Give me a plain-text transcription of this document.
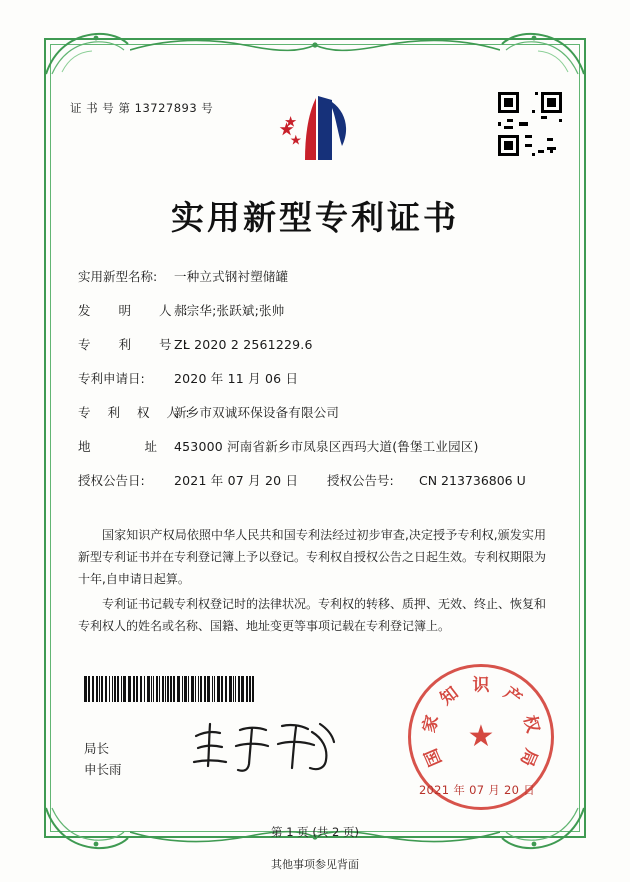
证 书 号 第 13727893 号
实用新型专利证书
实用新型名称:	一种立式钢衬塑储罐
发 明 人:
郝宗华;张跃斌;张帅
专 利 号:
ZL 2020 2 2561229.6
专利申请日:	2020 年 11 月 06 日
专 利 权 人:
新乡市双诚环保设备有限公司
地 址:
453000 河南省新乡市凤泉区西玛大道(鲁堡工业园区)
授权公告日:	2021 年 07 月 20 日	授权公告号:	CN 213736806 U

国家知识产权局依照中华人民共和国专利法经过初步审查,决定授予专利权,颁发实用新型专利证书并在专利登记簿上予以登记。专利权自授权公告之日起生效。专利权期限为十年,自申请日起算。

专利证书记载专利权登记时的法律状况。专利权的转移、质押、无效、终止、恢复和专利权人的姓名或名称、国籍、地址变更等事项记载在专利登记簿上。

★
国
家
知 识 产
权
局
2021 年 07 月 20 日
局长
申长雨
第 1 页 (共 2 页)
其他事项参见背面
